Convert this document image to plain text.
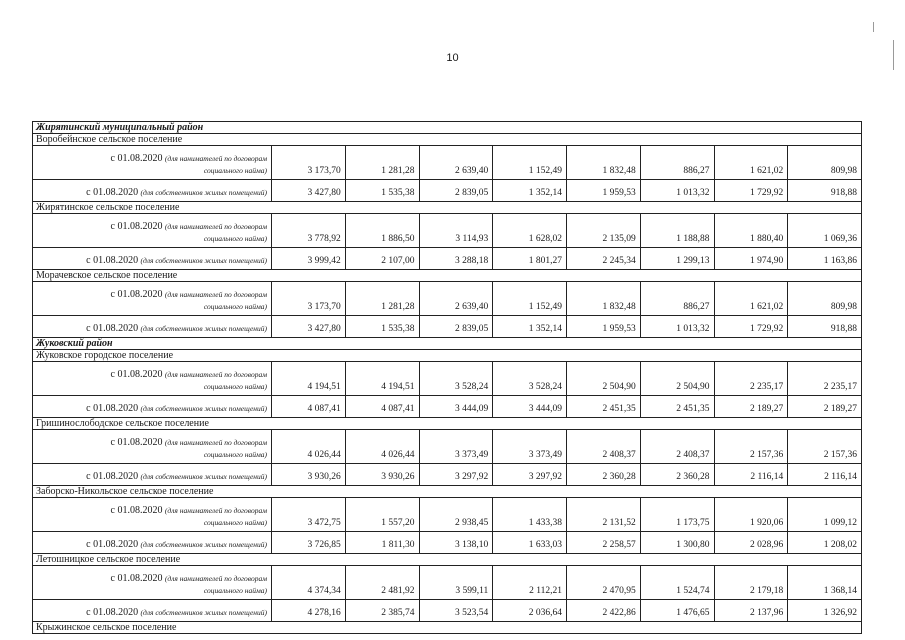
10
Жирятинский муниципальный район								
Воробейнское сельское поселение								
с 01.08.2020 (для нанимателей по договорам
социального найма)	3 173,70	1 281,28	2 639,40	1 152,49	1 832,48	886,27	1 621,02	809,98
с 01.08.2020 (для собственников жилых помещений)	3 427,80	1 535,38	2 839,05	1 352,14	1 959,53	1 013,32	1 729,92	918,88
Жирятинское сельское поселение								
с 01.08.2020 (для нанимателей по договорам
социального найма)	3 778,92	1 886,50	3 114,93	1 628,02	2 135,09	1 188,88	1 880,40	1 069,36
с 01.08.2020 (для собственников жилых помещений)	3 999,42	2 107,00	3 288,18	1 801,27	2 245,34	1 299,13	1 974,90	1 163,86
Морачевское сельское поселение								
с 01.08.2020 (для нанимателей по договорам
социального найма)	3 173,70	1 281,28	2 639,40	1 152,49	1 832,48	886,27	1 621,02	809,98
с 01.08.2020 (для собственников жилых помещений)	3 427,80	1 535,38	2 839,05	1 352,14	1 959,53	1 013,32	1 729,92	918,88
Жуковский район								
Жуковское городское поселение								
с 01.08.2020 (для нанимателей по договорам
социального найма)	4 194,51	4 194,51	3 528,24	3 528,24	2 504,90	2 504,90	2 235,17	2 235,17
с 01.08.2020 (для собственников жилых помещений)	4 087,41	4 087,41	3 444,09	3 444,09	2 451,35	2 451,35	2 189,27	2 189,27
Гришинослободское сельское поселение								
с 01.08.2020 (для нанимателей по договорам
социального найма)	4 026,44	4 026,44	3 373,49	3 373,49	2 408,37	2 408,37	2 157,36	2 157,36
с 01.08.2020 (для собственников жилых помещений)	3 930,26	3 930,26	3 297,92	3 297,92	2 360,28	2 360,28	2 116,14	2 116,14
Заборско-Никольское сельское поселение								
с 01.08.2020 (для нанимателей по договорам
социального найма)	3 472,75	1 557,20	2 938,45	1 433,38	2 131,52	1 173,75	1 920,06	1 099,12
с 01.08.2020 (для собственников жилых помещений)	3 726,85	1 811,30	3 138,10	1 633,03	2 258,57	1 300,80	2 028,96	1 208,02
Летошницкое сельское поселение								
с 01.08.2020 (для нанимателей по договорам
социального найма)	4 374,34	2 481,92	3 599,11	2 112,21	2 470,95	1 524,74	2 179,18	1 368,14
с 01.08.2020 (для собственников жилых помещений)	4 278,16	2 385,74	3 523,54	2 036,64	2 422,86	1 476,65	2 137,96	1 326,92
Крыжинское сельское поселение								
